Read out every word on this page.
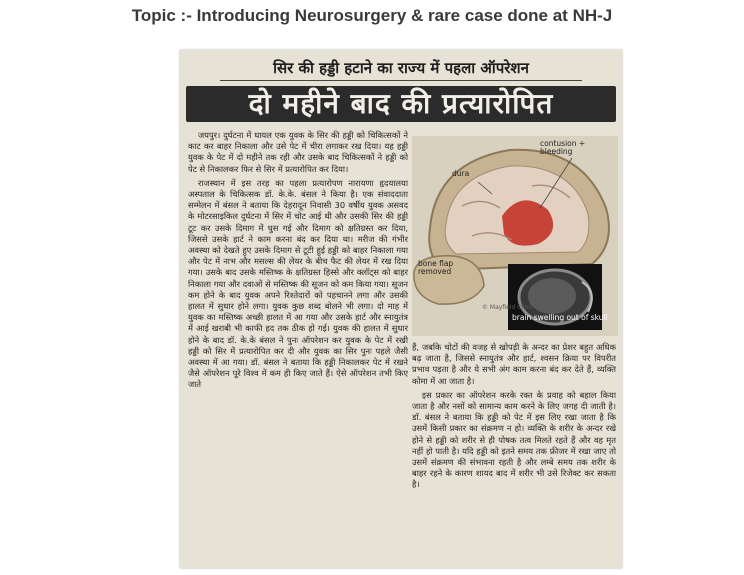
Topic :- Introducing Neurosurgery & rare case done at NH-J
सिर की हड्डी हटाने का राज्य में पहला ऑपरेशन
दो महीने बाद की प्रत्यारोपित

जयपुर। दुर्घटना में घायल एक युवक के सिर की हड्डी को चिकित्सकों ने काट कर बाहर निकाला और उसे पेट में चीरा लगाकर रख दिया। यह हड्डी युवक के पेट में दो महीने तक रही और उसके बाद चिकित्सकों ने हड्डी को पेट से निकालकर फिर से सिर में प्रत्यारोपित कर दिया।

राजस्थान में इस तरह का पहला प्रत्यारोपण नारायणा हृदयालया अस्पताल के चिकित्सक डॉ. के.के. बंसल ने किया है। एक संवाददाता सम्मेलन में बंसल ने बताया कि देहरादून निवासी 30 वर्षीय युवक असवद के मोटरसाइकिल दुर्घटना में सिर में चोट आई थी और उसकी सिर की हड्डी टूट कर उसके दिमाग में घुस गई और दिमाग को क्षतिग्रस्त कर दिया, जिससे उसके हार्ट ने काम करना बंद कर दिया था। मरीज की गंभीर अवस्था को देखते हुए उसके दिमाग से टूटी हुई हड्डी को बाहर निकाला गया और पेट में नाभ और मसल्स की लेयर के बीच फैट की लेयर में रख दिया गया। उसके बाद उसके मस्तिष्क के क्षतिग्रस्त हिस्से और क्लॉट्स को बाहर निकाला गया और दवाओं से मस्तिष्क की सूजन को कम किया गया। सूजन कम होने के बाद युवक अपने रिश्तेदारों को पहचानने लगा और उसकी हालत में सुधार होने लगा। युवक कुछ शब्द बोलने भी लगा। दो माह में युवक का मस्तिष्क अच्छी हालत में आ गया और उसके हार्ट और स्नायुतंत्र में आई खराबी भी काफी हद तक ठीक हो गई। युवक की हालत में सुधार होने के बाद डॉ. के.के बंसल ने पुनः ऑपरेशन कर युवक के पेट में रखी हड्डी को सिर में प्रत्यारोपित कर दी और युवक का सिर पुनः पहले जैसी अवस्था में आ गया। डॉ. बंसल ने बताया कि हड्डी निकालकर पेट में रखने जैसे ऑपरेशन पूरे विश्व में कम ही किए जाते हैं। ऐसे ऑपरेशन तभी किए जाते

contusion + bleeding
dura
bone flap removed
brain swelling out of skull
© Mayfield Clinic

हैं, जबकि चोटों की वजह से खोपड़ी के अन्दर का प्रेशर बहुत अधिक बढ़ जाता है, जिससे स्नायुतंत्र और हार्ट, श्वसन क्रिया पर विपरीत प्रभाव पड़ता है और ये सभी अंग काम करना बंद कर देते हैं, व्यक्ति कोमा में आ जाता है।

इस प्रकार का ऑपरेशन करके रक्त के प्रवाह को बहाल किया जाता है और नसों को सामान्य काम करने के लिए जगह दी जाती है। डॉ. बंसल ने बताया कि हड्डी को पेट में इस लिए रखा जाता है कि उसमें किसी प्रकार का संक्रमण न हो। व्यक्ति के शरीर के अन्दर रखे होने से हड्डी को शरीर से ही पोषक तत्व मिलते रहते हैं और वह मृत नहीं हो पाती है। यदि हड्डी को इतने समय तक फ्रीजर में रखा जाए तो उसमें संक्रमण की संभावना रहती है और लम्बे समय तक शरीर के बाहर रहने के कारण शायद बाद में शरीर भी उसे रिजेक्ट कर सकता है।
